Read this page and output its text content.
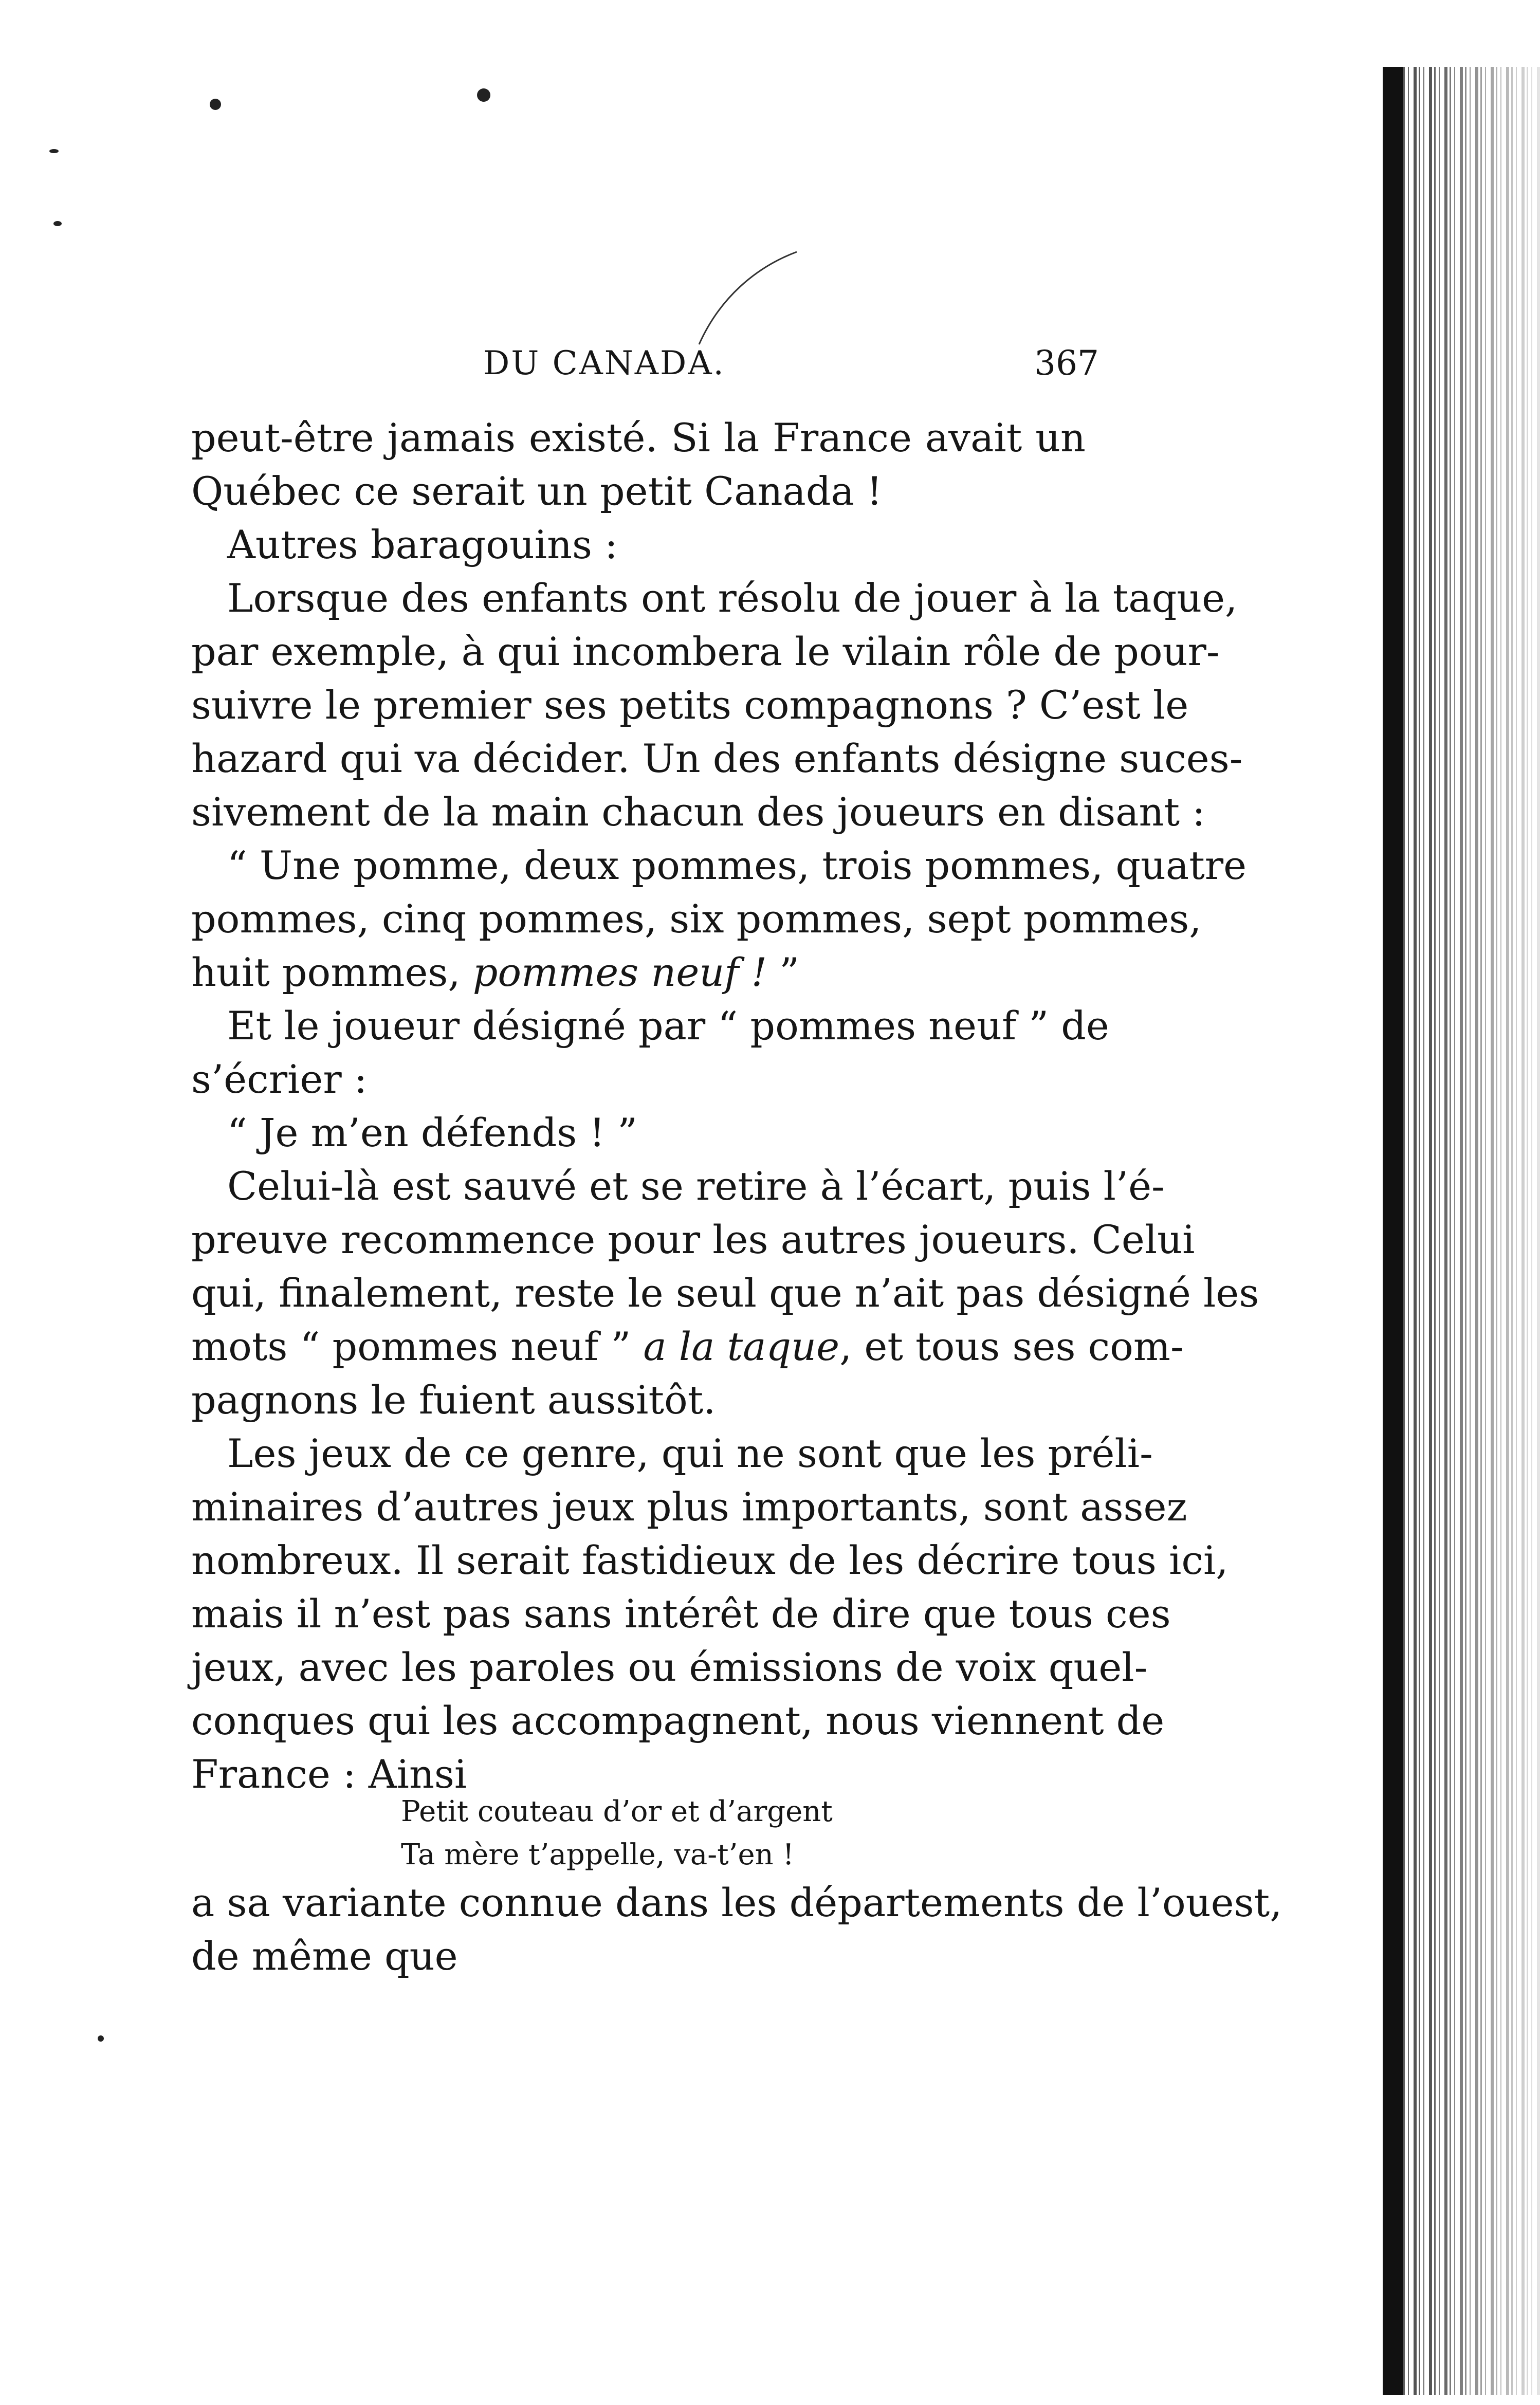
DU CANADA.	367
peut-être jamais existé. Si la France avait un
Québec ce serait un petit Canada !
Autres baragouins :
Lorsque des enfants ont résolu de jouer à la taque,
par exemple, à qui incombera le vilain rôle de pour-
suivre le premier ses petits compagnons ? C’est le
hazard qui va décider. Un des enfants désigne suces-
sivement de la main chacun des joueurs en disant :
“ Une pomme, deux pommes, trois pommes, quatre
pommes, cinq pommes, six pommes, sept pommes,
huit pommes, pommes neuf ! ”
Et le joueur désigné par “ pommes neuf ” de
s’écrier :
“ Je m’en défends ! ”
Celui-là est sauvé et se retire à l’écart, puis l’é-
preuve recommence pour les autres joueurs. Celui
qui, finalement, reste le seul que n’ait pas désigné les
mots “ pommes neuf ” a la taque, et tous ses com-
pagnons le fuient aussitôt.
Les jeux de ce genre, qui ne sont que les préli-
minaires d’autres jeux plus importants, sont assez
nombreux. Il serait fastidieux de les décrire tous ici,
mais il n’est pas sans intérêt de dire que tous ces
jeux, avec les paroles ou émissions de voix quel-
conques qui les accompagnent, nous viennent de
France : Ainsi
Petit couteau d’or et d’argent
Ta mère t’appelle, va-t’en !
a sa variante connue dans les départements de l’ouest,
de même que
